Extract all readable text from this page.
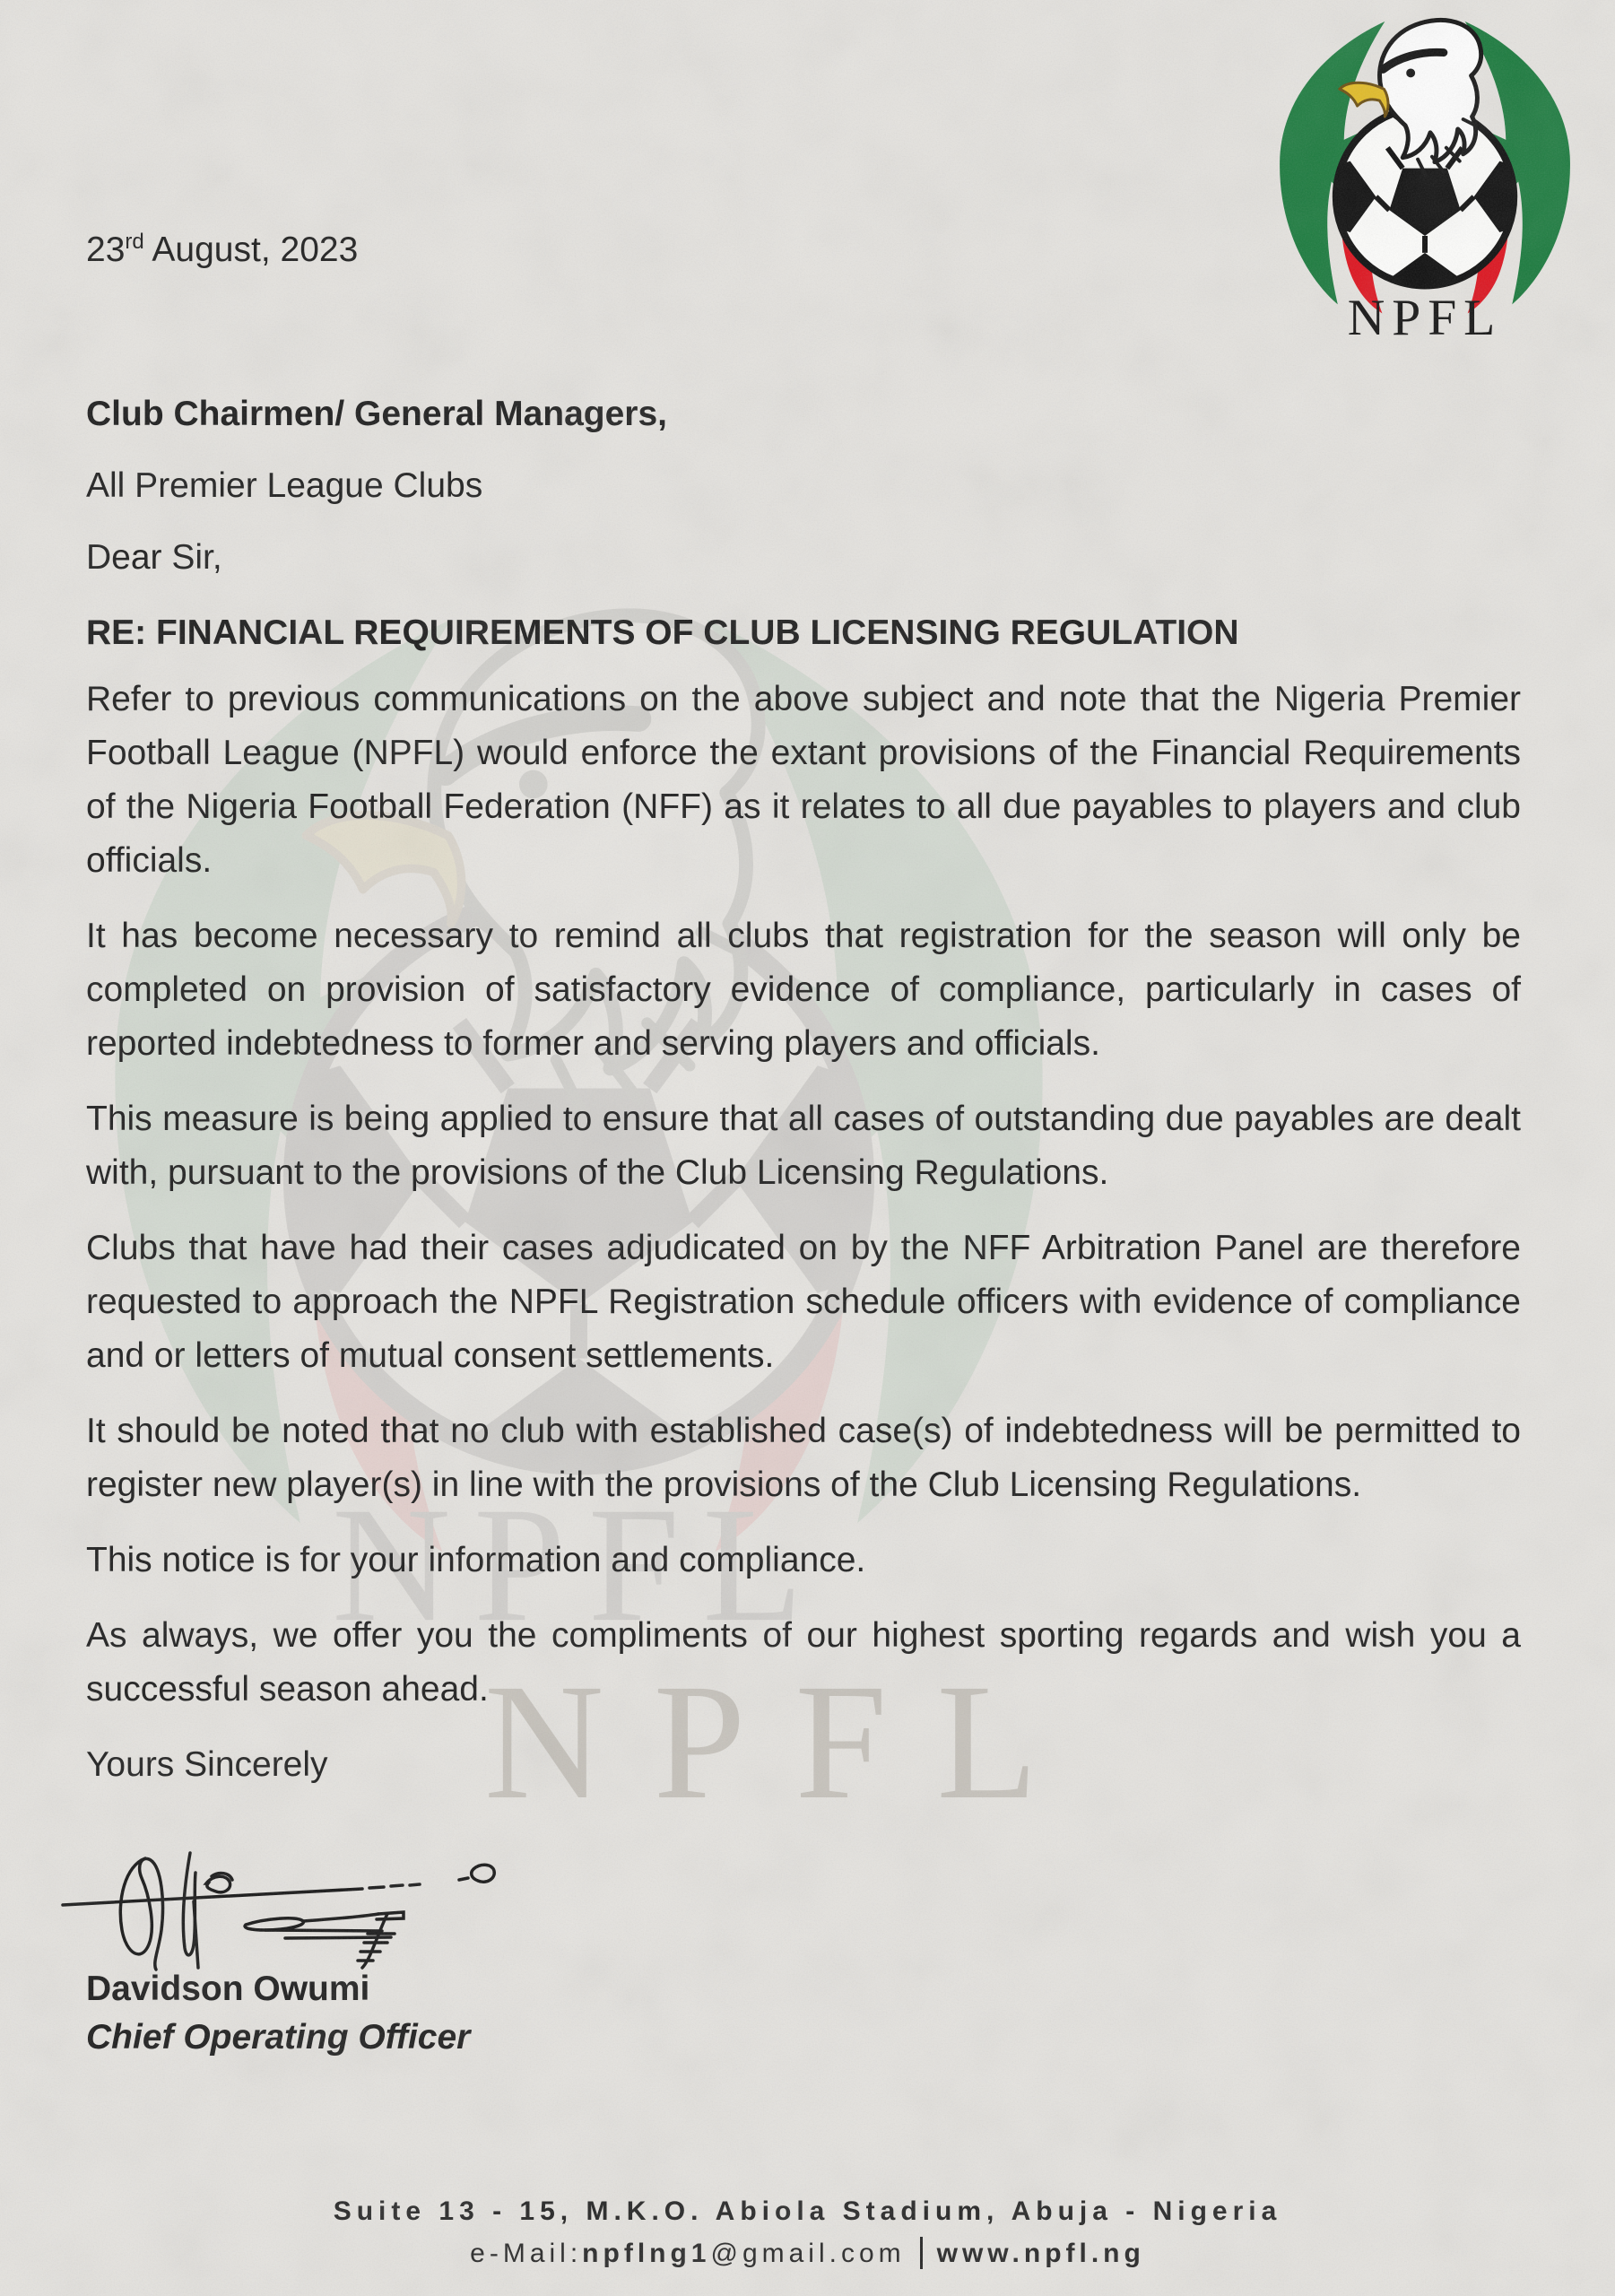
NPFL
23rd August, 2023
Club Chairmen/ General Managers,
All Premier League Clubs
Dear Sir,
RE: FINANCIAL REQUIREMENTS OF CLUB LICENSING REGULATION

Refer to previous communications on the above subject and note that the Nigeria Premier Football League (NPFL) would enforce the extant provisions of the Financial Requirements of the Nigeria Football Federation (NFF) as it relates to all due payables to players and club officials.

It has become necessary to remind all clubs that registration for the season will only be completed on provision of satisfactory evidence of compliance, particularly in cases of reported indebtedness to former and serving players and officials.

This measure is being applied to ensure that all cases of outstanding due payables are dealt with, pursuant to the provisions of the Club Licensing Regulations.

Clubs that have had their cases adjudicated on by the NFF Arbitration Panel are therefore requested to approach the NPFL Registration schedule officers with evidence of compliance and or letters of mutual consent settlements.

It should be noted that no club with established case(s) of indebtedness will be permitted to register new player(s) in line with the provisions of the Club Licensing Regulations.

This notice is for your information and compliance.

As always, we offer you the compliments of our highest sporting regards and wish you a successful season ahead.

Yours Sincerely

Davidson Owumi
Chief Operating Officer
Suite 13 - 15, M.K.O. Abiola Stadium, Abuja - Nigeria
e-Mail:npflng1@gmail.com www.npfl.ng
